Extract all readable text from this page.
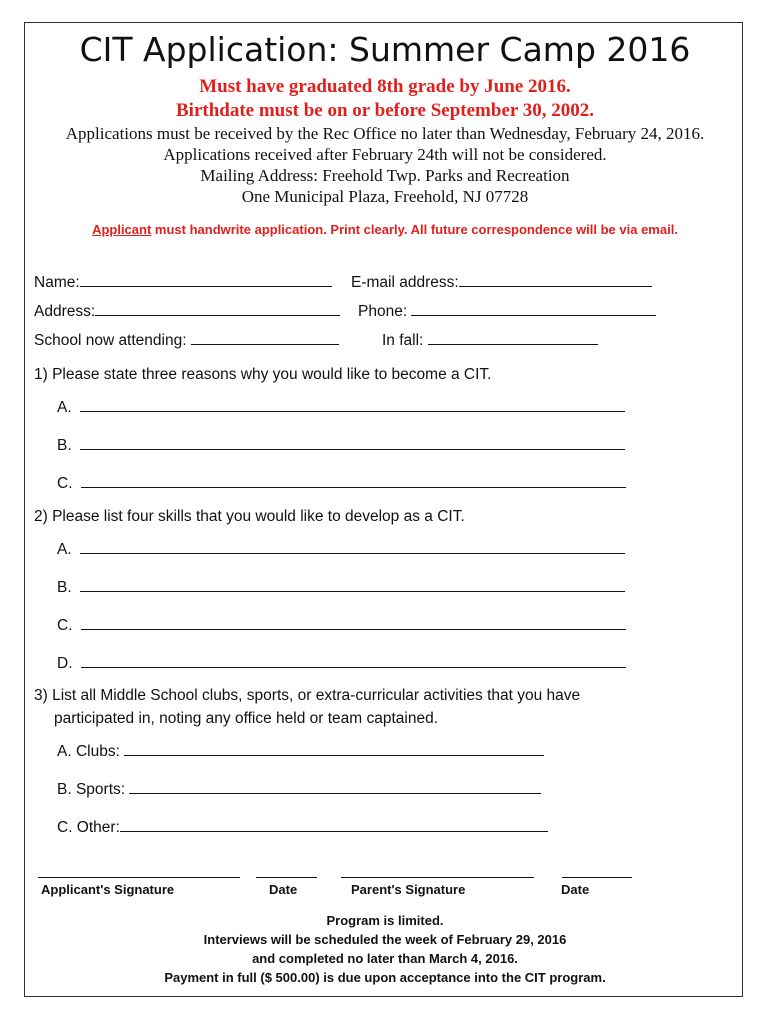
CIT Application: Summer Camp 2016
Must have graduated 8th grade by June 2016.
Birthdate must be on or before September 30, 2002.
Applications must be received by the Rec Office no later than Wednesday, February 24, 2016.
Applications received after February 24th will not be considered.
Mailing Address: Freehold Twp. Parks and Recreation
One Municipal Plaza, Freehold, NJ 07728
Applicant must handwrite application. Print clearly. All future correspondence will be via email.
Name:	E-mail address:
Address:	Phone:
School now attending:	In fall:
1) Please state three reasons why you would like to become a CIT.
A.
B.
C.
2) Please list four skills that you would like to develop as a CIT.
A.
B.
C.
D.
3) List all Middle School clubs, sports, or extra-curricular activities that you have
participated in, noting any office held or team captained.
A. Clubs:
B. Sports:
C. Other:
Applicant's Signature	Date	Parent's Signature	Date
Program is limited.
Interviews will be scheduled the week of February 29, 2016
and completed no later than March 4, 2016.
Payment in full ($ 500.00) is due upon acceptance into the CIT program.
